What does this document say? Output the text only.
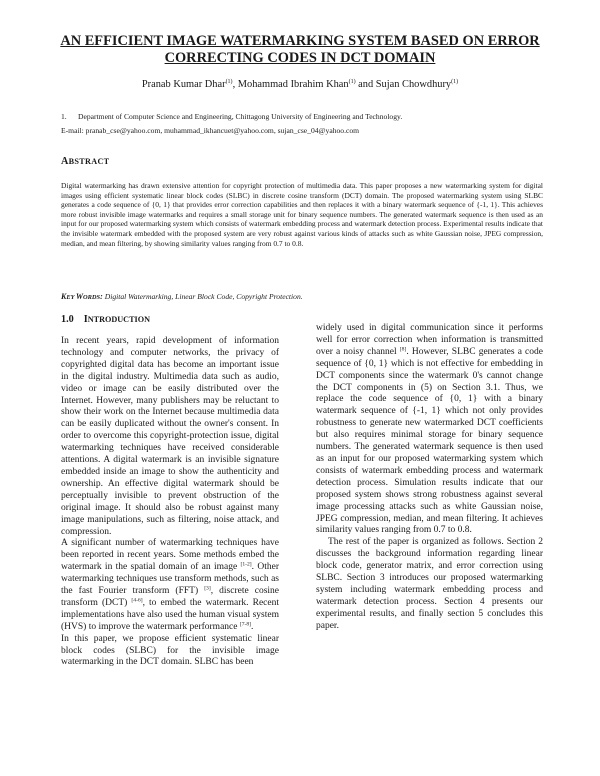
AN EFFICIENT IMAGE WATERMARKING SYSTEM BASED ON ERROR
CORRECTING CODES IN DCT DOMAIN
Pranab Kumar Dhar$^{(1)}$, Mohammad Ibrahim Khan$^{(1)}$ and Sujan Chowdhury$^{(1)}$
1. Department of Computer Science and Engineering, Chittagong University of Engineering and Technology.
E-mail: pranab_cse@yahoo.com, muhammad_ikhancuet@yahoo.com, sujan_cse_04@yahoo.com
ABSTRACT
Digital watermarking has drawn extensive attention for copyright protection of multimedia data. This paper proposes a new watermarking system for digital images using efficient systematic linear block codes (SLBC) in discrete cosine transform (DCT) domain. The proposed watermarking system using SLBC generates a code sequence of {0, 1} that provides error correction capabilities and then replaces it with a binary watermark sequence of {-1, 1}. This achieves more robust invisible image watermarks and requires a small storage unit for binary sequence numbers. The generated watermark sequence is then used as an input for our proposed watermarking system which consists of watermark embedding process and watermark detection process. Experimental results indicate that the invisible watermark embedded with the proposed system are very robust against various kinds of attacks such as white Gaussian noise, JPEG compression, median, and mean filtering, by showing similarity values ranging from 0.7 to 0.8.
KEY WORDS: Digital Watermarking, Linear Block Code, Copyright Protection.
1.0 INTRODUCTION

In recent years, rapid development of information technology and computer networks, the privacy of copyrighted digital data has become an important issue in the digital industry. Multimedia data such as audio, video or image can be easily distributed over the Internet. However, many publishers may be reluctant to show their work on the Internet because multimedia data can be easily duplicated without the owner's consent. In order to overcome this copyright-protection issue, digital watermarking techniques have received considerable attentions. A digital watermark is an invisible signature embedded inside an image to show the authenticity and ownership. An effective digital watermark should be perceptually invisible to prevent obstruction of the original image. It should also be robust against many image manipulations, such as filtering, noise attack, and compression.

A significant number of watermarking techniques have been reported in recent years. Some methods embed the watermark in the spatial domain of an image [1-2]. Other watermarking techniques use transform methods, such as the fast Fourier transform (FFT) [3], discrete cosine transform (DCT) [4-6], to embed the watermark. Recent implementations have also used the human visual system (HVS) to improve the watermark performance [7-8].

In this paper, we propose efficient systematic linear block codes (SLBC) for the invisible image watermarking in the DCT domain. SLBC has been

widely used in digital communication since it performs well for error correction when information is transmitted over a noisy channel [8]. However, SLBC generates a code sequence of {0, 1} which is not effective for embedding in DCT components since the watermark 0's cannot change the DCT components in (5) on Section 3.1. Thus, we replace the code sequence of {0, 1} with a binary watermark sequence of {-1, 1} which not only provides robustness to generate new watermarked DCT coefficients but also requires minimal storage for binary sequence numbers. The generated watermark sequence is then used as an input for our proposed watermarking system which consists of watermark embedding process and watermark detection process. Simulation results indicate that our proposed system shows strong robustness against several image processing attacks such as white Gaussian noise, JPEG compression, median, and mean filtering. It achieves similarity values ranging from 0.7 to 0.8.

The rest of the paper is organized as follows. Section 2 discusses the background information regarding linear block code, generator matrix, and error correction using SLBC. Section 3 introduces our proposed watermarking system including watermark embedding process and watermark detection process. Section 4 presents our experimental results, and finally section 5 concludes this paper.
